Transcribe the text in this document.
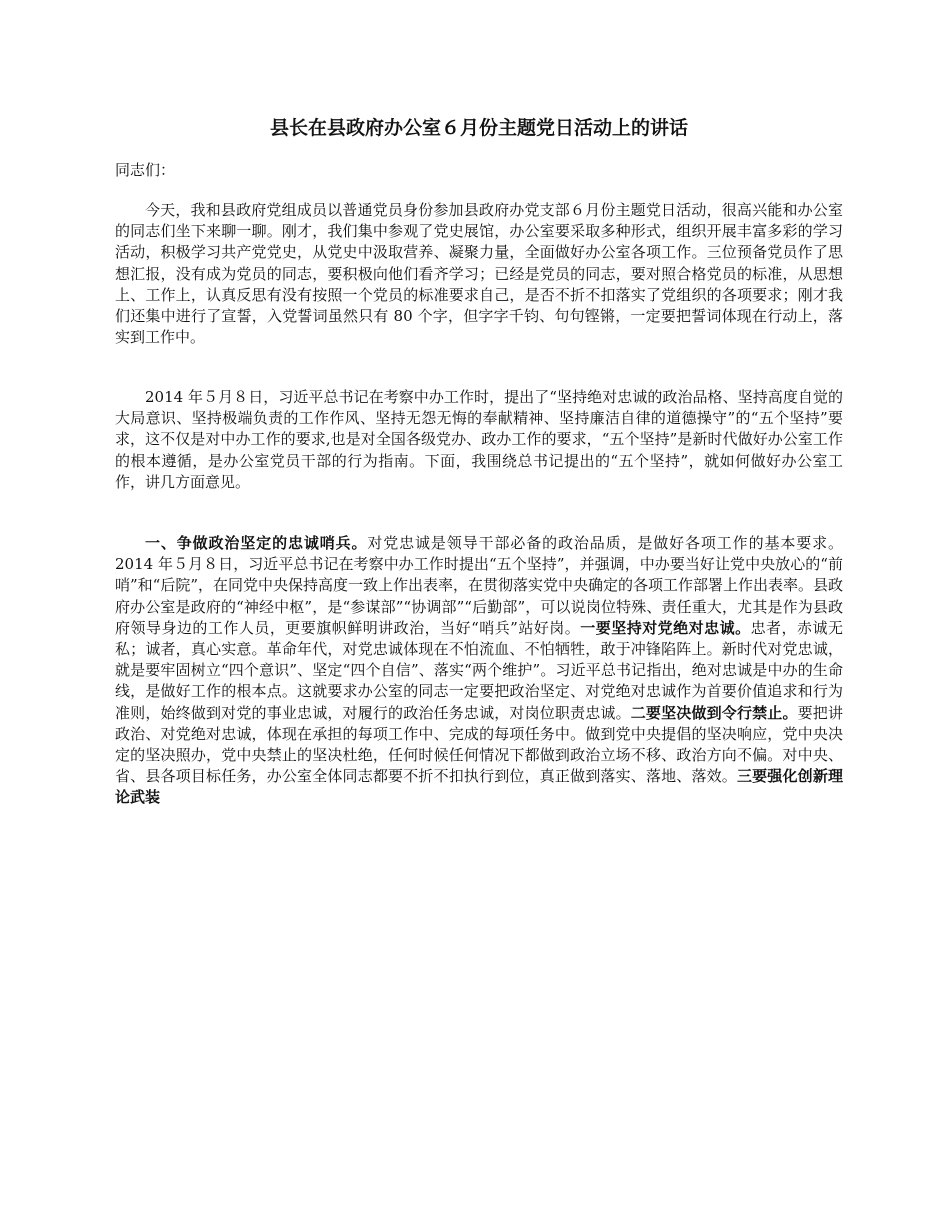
县长在县政府办公室６月份主题党日活动上的讲话

同志们：

今天，我和县政府党组成员以普通党员身份参加县政府办党支部６月份主题党日活动，很高兴能和办公室的同志们坐下来聊一聊。刚才，我们集中参观了党史展馆，办公室要采取多种形式，组织开展丰富多彩的学习活动，积极学习共产党党史，从党史中汲取营养、凝聚力量，全面做好办公室各项工作。三位预备党员作了思想汇报，没有成为党员的同志，要积极向他们看齐学习；已经是党员的同志，要对照合格党员的标准，从思想上、工作上，认真反思有没有按照一个党员的标准要求自己，是否不折不扣落实了党组织的各项要求；刚才我们还集中进行了宣誓，入党誓词虽然只有 80 个字，但字字千钧、句句铿锵，一定要把誓词体现在行动上，落实到工作中。

2014 年５月８日，习近平总书记在考察中办工作时，提出了“坚持绝对忠诚的政治品格、坚持高度自觉的大局意识、坚持极端负责的工作作风、坚持无怨无悔的奉献精神、坚持廉洁自律的道德操守”的“五个坚持”要求，这不仅是对中办工作的要求,也是对全国各级党办、政办工作的要求，“五个坚持”是新时代做好办公室工作的根本遵循，是办公室党员干部的行为指南。下面，我围绕总书记提出的“五个坚持”，就如何做好办公室工作，讲几方面意见。

一、争做政治坚定的忠诚哨兵。对党忠诚是领导干部必备的政治品质，是做好各项工作的基本要求。2014 年５月８日，习近平总书记在考察中办工作时提出“五个坚持”，并强调，中办要当好让党中央放心的“前哨”和“后院”，在同党中央保持高度一致上作出表率，在贯彻落实党中央确定的各项工作部署上作出表率。县政府办公室是政府的“神经中枢”，是“参谋部”“协调部”“后勤部”，可以说岗位特殊、责任重大，尤其是作为县政府领导身边的工作人员，更要旗帜鲜明讲政治，当好“哨兵”站好岗。一要坚持对党绝对忠诚。忠者，赤诚无私；诚者，真心实意。革命年代，对党忠诚体现在不怕流血、不怕牺牲，敢于冲锋陷阵上。新时代对党忠诚，就是要牢固树立“四个意识”、坚定“四个自信”、落实“两个维护”。习近平总书记指出，绝对忠诚是中办的生命线，是做好工作的根本点。这就要求办公室的同志一定要把政治坚定、对党绝对忠诚作为首要价值追求和行为准则，始终做到对党的事业忠诚，对履行的政治任务忠诚，对岗位职责忠诚。二要坚决做到令行禁止。要把讲政治、对党绝对忠诚，体现在承担的每项工作中、完成的每项任务中。做到党中央提倡的坚决响应，党中央决定的坚决照办，党中央禁止的坚决杜绝，任何时候任何情况下都做到政治立场不移、政治方向不偏。对中央、省、县各项目标任务，办公室全体同志都要不折不扣执行到位，真正做到落实、落地、落效。三要强化创新理论武装
